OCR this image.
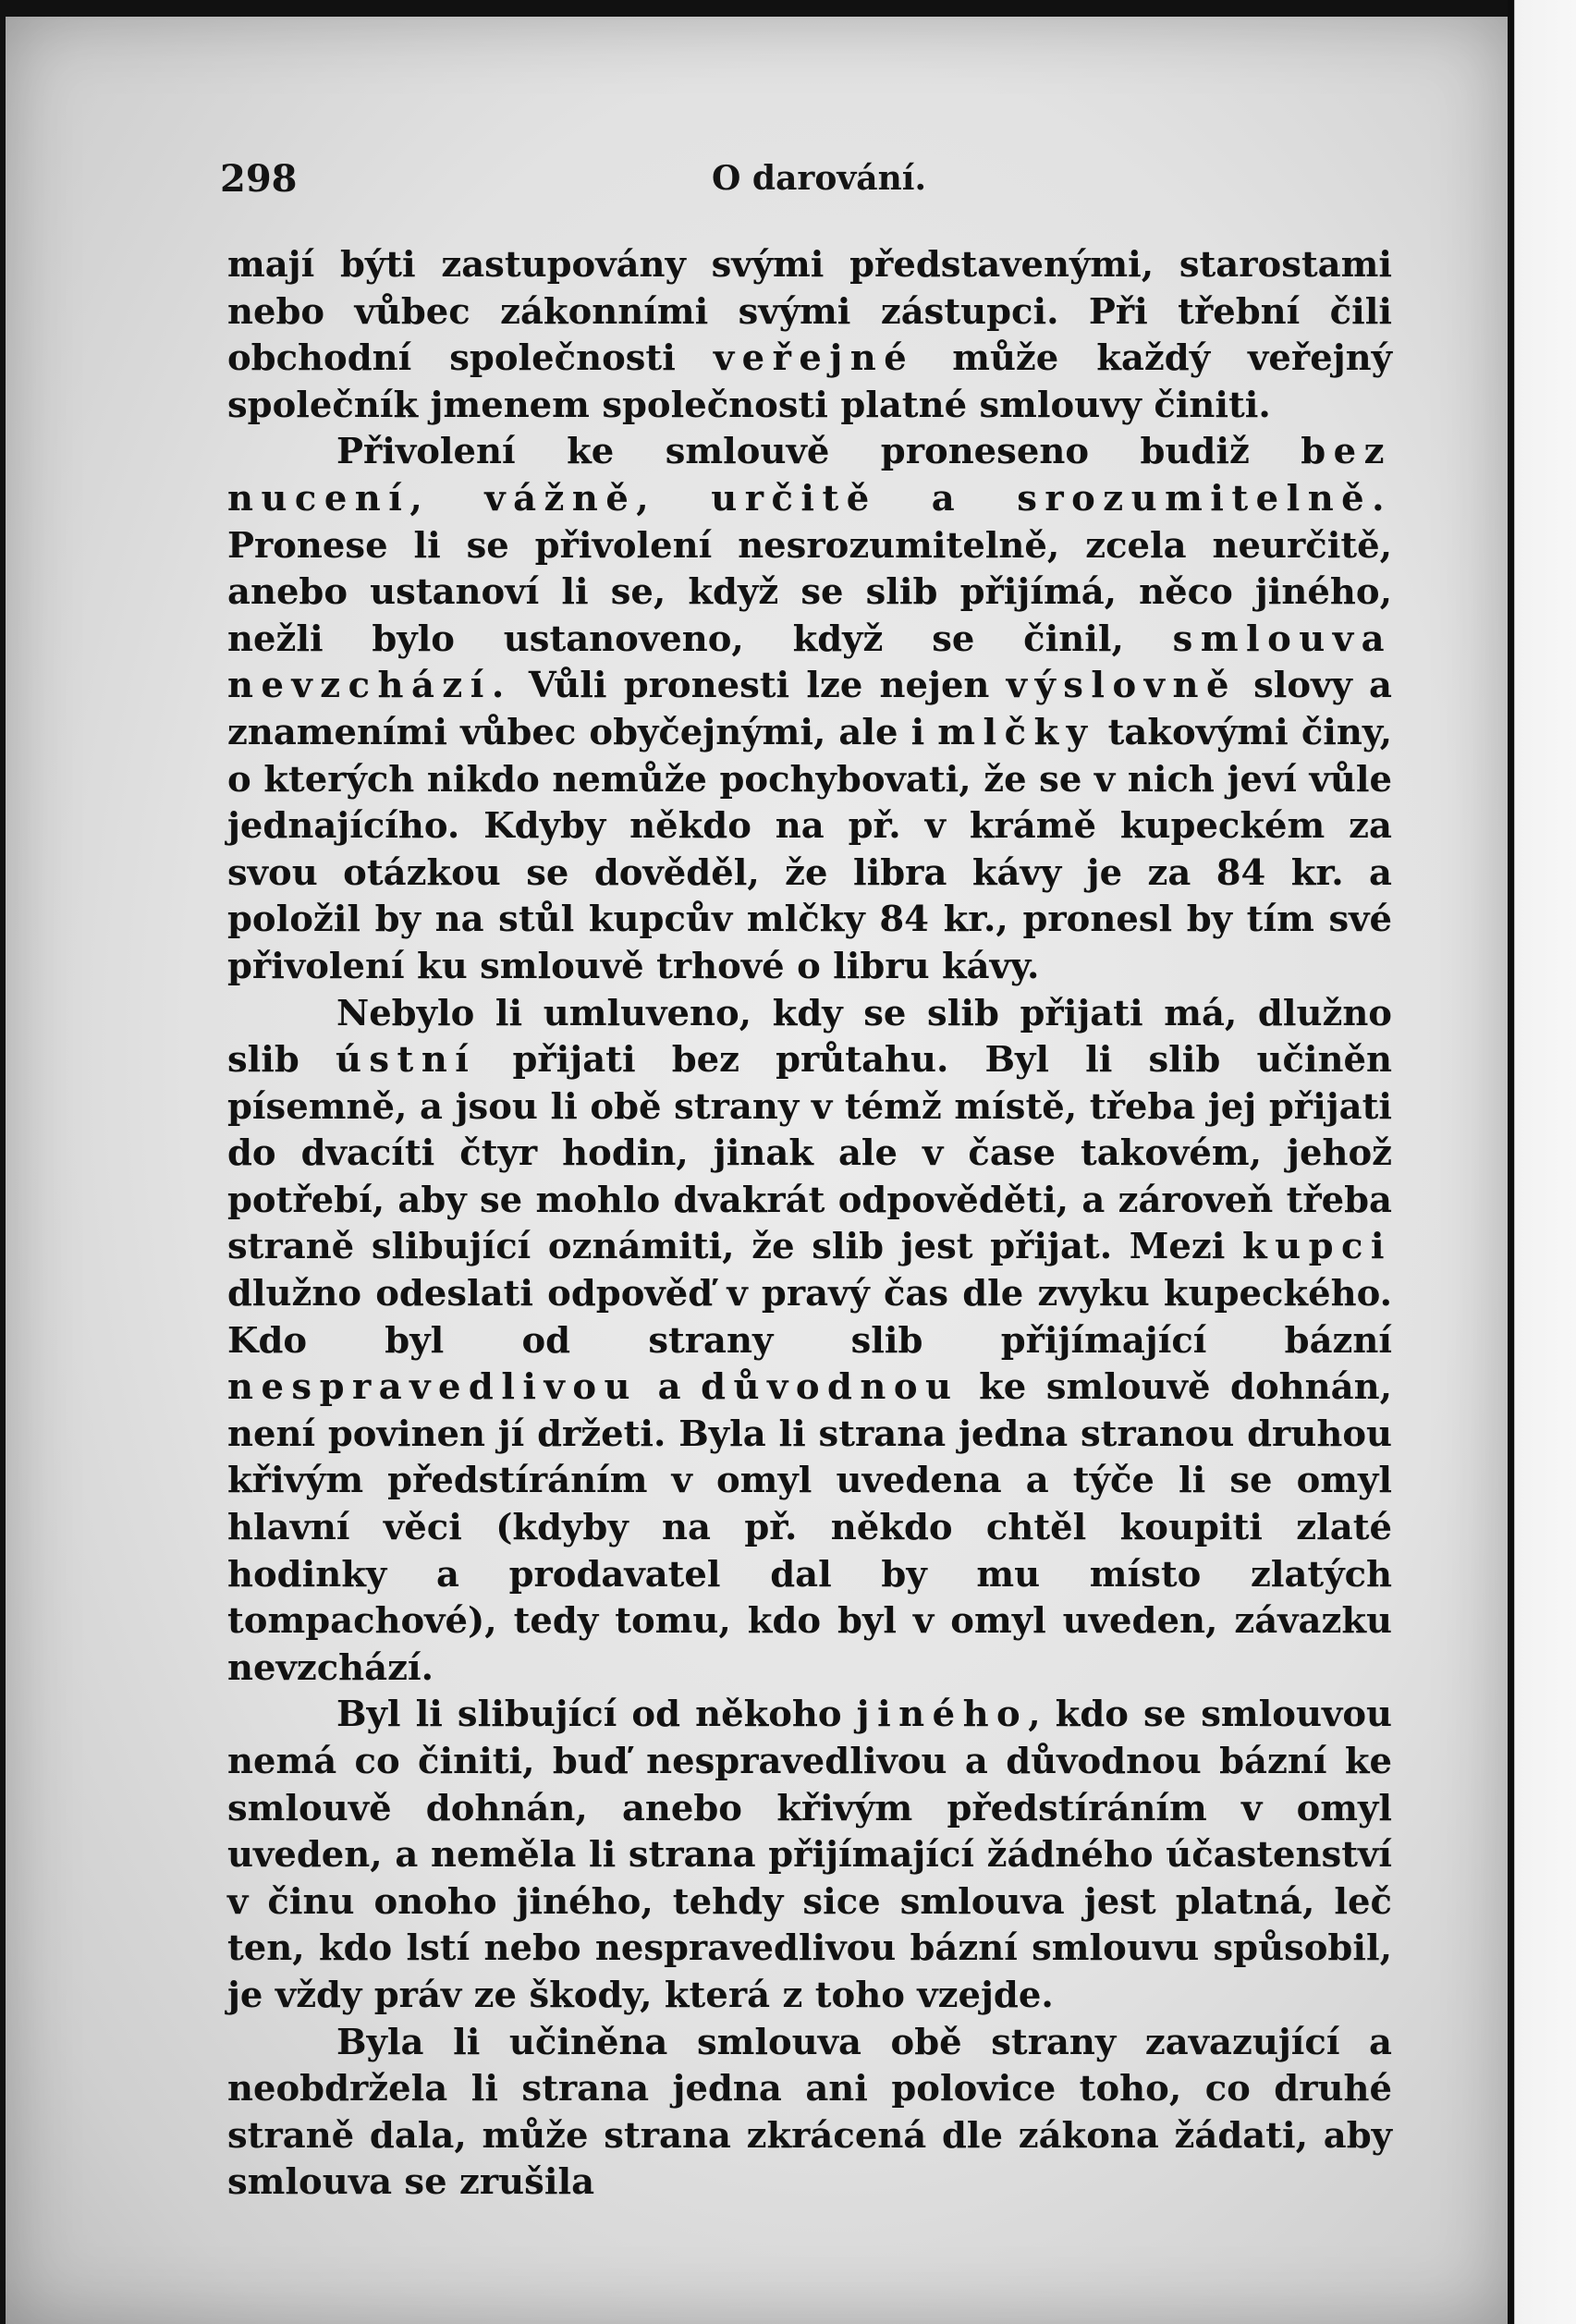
298	O darování.

mají býti zastupovány svými představenými, starostami nebo vůbec zákonními svými zástupci. Při třební čili obchodní společnosti veřejné může každý veřejný společník jmenem společnosti platné smlouvy činiti.

Přivolení ke smlouvě proneseno budiž bez nucení, vážně, určitě a srozumitelně. Pronese li se přivolení nesrozumitelně, zcela neurčitě, anebo ustanoví li se, když se slib přijímá, něco jiného, nežli bylo ustanoveno, když se činil, smlouva nevzchází. Vůli pronesti lze nejen výslovně slovy a znameními vůbec obyčejnými, ale i mlčky takovými činy, o kterých nikdo nemůže pochybovati, že se v nich jeví vůle jednajícího. Kdyby někdo na př. v krámě kupeckém za svou otázkou se dověděl, že libra kávy je za 84 kr. a položil by na stůl kupcův mlčky 84 kr., pronesl by tím své přivolení ku smlouvě trhové o libru kávy.

Nebylo li umluveno, kdy se slib přijati má, dlužno slib ústní přijati bez průtahu. Byl li slib učiněn písemně, a jsou li obě strany v témž místě, třeba jej přijati do dvacíti čtyr hodin, jinak ale v čase takovém, jehož potřebí, aby se mohlo dvakrát odpověděti, a zároveň třeba straně slibující oznámiti, že slib jest přijat. Mezi kupci dlužno odeslati odpověď v pravý čas dle zvyku kupeckého. Kdo byl od strany slib přijímající bázní nespravedlivou a důvodnou ke smlouvě dohnán, není povinen jí držeti. Byla li strana jedna stranou druhou křivým předstíráním v omyl uvedena a týče li se omyl hlavní věci (kdyby na př. někdo chtěl koupiti zlaté hodinky a prodavatel dal by mu místo zlatých tompachové), tedy tomu, kdo byl v omyl uveden, závazku nevzchází.

Byl li slibující od někoho jiného, kdo se smlouvou nemá co činiti, buď nespravedlivou a důvodnou bázní ke smlouvě dohnán, anebo křivým předstíráním v omyl uveden, a neměla li strana přijímající žádného účastenství v činu onoho jiného, tehdy sice smlouva jest platná, leč ten, kdo lstí nebo nespravedlivou bázní smlouvu spůsobil, je vždy práv ze škody, která z toho vzejde.

Byla li učiněna smlouva obě strany zavazující a neobdržela li strana jedna ani polovice toho, co druhé straně dala, může strana zkrácená dle zákona žádati, aby smlouva se zrušila
